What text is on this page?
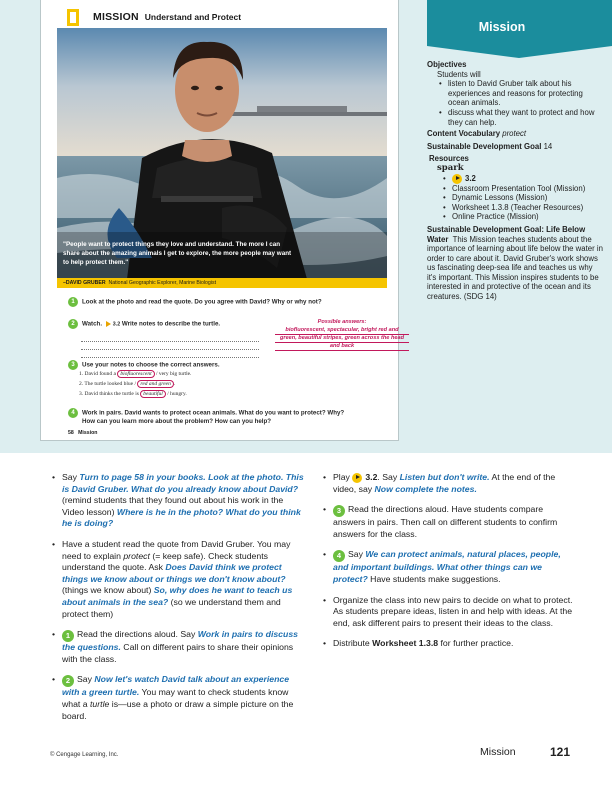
MISSION Understand and Protect
"People want to protect things they love and understand. The more I can share about the amazing animals I get to explore, the more people may want to help protect them."
–DAVID GRUBER National Geographic Explorer, Marine Biologist
1 Look at the photo and read the quote. Do you agree with David? Why or why not?
2 Watch. 3.2 Write notes to describe the turtle.	Possible answers:
biofluorescent, spectacular, bright red and green, beautiful stripes, green across the head and back
3 Use your notes to choose the correct answers.
1. David found a biofluorescent / very big turtle.
2. The turtle looked blue / red and green .
3. David thinks the turtle is beautiful / hungry.
4 Work in pairs. David wants to protect ocean animals. What do you want to protect? Why?
How can you learn more about the problem? How can you help?
58 Mission
Mission
Objectives
Students will
• listen to David Gruber talk about his experiences and reasons for protecting ocean animals.
• discuss what they want to protect and how they can help.
Content Vocabulary protect
Sustainable Development Goal 14
Resources
spark
• 3.2
• Classroom Presentation Tool (Mission)
• Dynamic Lessons (Mission)
• Worksheet 1.3.8 (Teacher Resources)
• Online Practice (Mission)
Sustainable Development Goal: Life Below Water This Mission teaches students about the importance of learning about life below the water in order to care about it. David Gruber's work shows us fascinating deep-sea life and teaches us why it's important. This Mission inspires students to be interested in and protective of the ocean and its creatures. (SDG 14)
• Say Turn to page 58 in your books. Look at the photo. This is David Gruber. What do you already know about David? (remind students that they found out about his work in the Video lesson) Where is he in the photo? What do you think he is doing?
• Have a student read the quote from David Gruber. You may need to explain protect (= keep safe). Check students understand the quote. Ask Does David think we protect things we know about or things we don't know about? (things we know about) So, why does he want to teach us about animals in the sea? (so we understand them and protect them)
• 1 Read the directions aloud. Say Work in pairs to discuss the questions. Call on different pairs to share their opinions with the class.
• 2 Say Now let's watch David talk about an experience with a green turtle. You may want to check students know what a turtle is—use a photo or draw a simple picture on the board.
• Play 3.2. Say Listen but don't write. At the end of the video, say Now complete the notes.
• 3 Read the directions aloud. Have students compare answers in pairs. Then call on different students to confirm answers for the class.
• 4 Say We can protect animals, natural places, people, and important buildings. What other things can we protect? Have students make suggestions.
• Organize the class into new pairs to decide on what to protect. As students prepare ideas, listen in and help with ideas. At the end, ask different pairs to present their ideas to the class.
• Distribute Worksheet 1.3.8 for further practice.
© Cengage Learning, Inc.	Mission	121
